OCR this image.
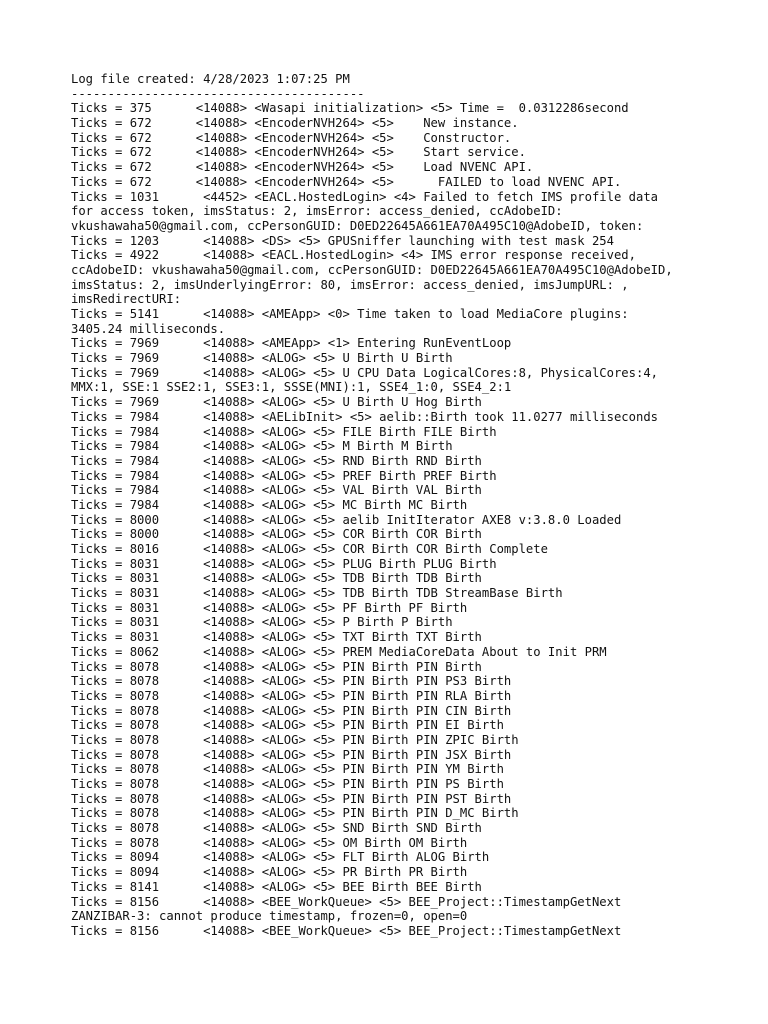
Log file created: 4/28/2023 1:07:25 PM
----------------------------------------
Ticks = 375      <14088> <Wasapi initialization> <5> Time =  0.0312286second
Ticks = 672      <14088> <EncoderNVH264> <5>    New instance.
Ticks = 672      <14088> <EncoderNVH264> <5>    Constructor.
Ticks = 672      <14088> <EncoderNVH264> <5>    Start service.
Ticks = 672      <14088> <EncoderNVH264> <5>    Load NVENC API.
Ticks = 672      <14088> <EncoderNVH264> <5>      FAILED to load NVENC API.
Ticks = 1031      <4452> <EACL.HostedLogin> <4> Failed to fetch IMS profile data
for access token, imsStatus: 2, imsError: access_denied, ccAdobeID:
vkushawaha50@gmail.com, ccPersonGUID: D0ED22645A661EA70A495C10@AdobeID, token:
Ticks = 1203      <14088> <DS> <5> GPUSniffer launching with test mask 254
Ticks = 4922      <14088> <EACL.HostedLogin> <4> IMS error response received,
ccAdobeID: vkushawaha50@gmail.com, ccPersonGUID: D0ED22645A661EA70A495C10@AdobeID,
imsStatus: 2, imsUnderlyingError: 80, imsError: access_denied, imsJumpURL: ,
imsRedirectURI:
Ticks = 5141      <14088> <AMEApp> <0> Time taken to load MediaCore plugins:
3405.24 milliseconds.
Ticks = 7969      <14088> <AMEApp> <1> Entering RunEventLoop
Ticks = 7969      <14088> <ALOG> <5> U Birth U Birth
Ticks = 7969      <14088> <ALOG> <5> U CPU Data LogicalCores:8, PhysicalCores:4,
MMX:1, SSE:1 SSE2:1, SSE3:1, SSSE(MNI):1, SSE4_1:0, SSE4_2:1
Ticks = 7969      <14088> <ALOG> <5> U Birth U Hog Birth
Ticks = 7984      <14088> <AELibInit> <5> aelib::Birth took 11.0277 milliseconds
Ticks = 7984      <14088> <ALOG> <5> FILE Birth FILE Birth
Ticks = 7984      <14088> <ALOG> <5> M Birth M Birth
Ticks = 7984      <14088> <ALOG> <5> RND Birth RND Birth
Ticks = 7984      <14088> <ALOG> <5> PREF Birth PREF Birth
Ticks = 7984      <14088> <ALOG> <5> VAL Birth VAL Birth
Ticks = 7984      <14088> <ALOG> <5> MC Birth MC Birth
Ticks = 8000      <14088> <ALOG> <5> aelib InitIterator AXE8 v:3.8.0 Loaded
Ticks = 8000      <14088> <ALOG> <5> COR Birth COR Birth
Ticks = 8016      <14088> <ALOG> <5> COR Birth COR Birth Complete
Ticks = 8031      <14088> <ALOG> <5> PLUG Birth PLUG Birth
Ticks = 8031      <14088> <ALOG> <5> TDB Birth TDB Birth
Ticks = 8031      <14088> <ALOG> <5> TDB Birth TDB StreamBase Birth
Ticks = 8031      <14088> <ALOG> <5> PF Birth PF Birth
Ticks = 8031      <14088> <ALOG> <5> P Birth P Birth
Ticks = 8031      <14088> <ALOG> <5> TXT Birth TXT Birth
Ticks = 8062      <14088> <ALOG> <5> PREM MediaCoreData About to Init PRM
Ticks = 8078      <14088> <ALOG> <5> PIN Birth PIN Birth
Ticks = 8078      <14088> <ALOG> <5> PIN Birth PIN PS3 Birth
Ticks = 8078      <14088> <ALOG> <5> PIN Birth PIN RLA Birth
Ticks = 8078      <14088> <ALOG> <5> PIN Birth PIN CIN Birth
Ticks = 8078      <14088> <ALOG> <5> PIN Birth PIN EI Birth
Ticks = 8078      <14088> <ALOG> <5> PIN Birth PIN ZPIC Birth
Ticks = 8078      <14088> <ALOG> <5> PIN Birth PIN JSX Birth
Ticks = 8078      <14088> <ALOG> <5> PIN Birth PIN YM Birth
Ticks = 8078      <14088> <ALOG> <5> PIN Birth PIN PS Birth
Ticks = 8078      <14088> <ALOG> <5> PIN Birth PIN PST Birth
Ticks = 8078      <14088> <ALOG> <5> PIN Birth PIN D_MC Birth
Ticks = 8078      <14088> <ALOG> <5> SND Birth SND Birth
Ticks = 8078      <14088> <ALOG> <5> OM Birth OM Birth
Ticks = 8094      <14088> <ALOG> <5> FLT Birth ALOG Birth
Ticks = 8094      <14088> <ALOG> <5> PR Birth PR Birth
Ticks = 8141      <14088> <ALOG> <5> BEE Birth BEE Birth
Ticks = 8156      <14088> <BEE_WorkQueue> <5> BEE_Project::TimestampGetNext
ZANZIBAR-3: cannot produce timestamp, frozen=0, open=0
Ticks = 8156      <14088> <BEE_WorkQueue> <5> BEE_Project::TimestampGetNext
